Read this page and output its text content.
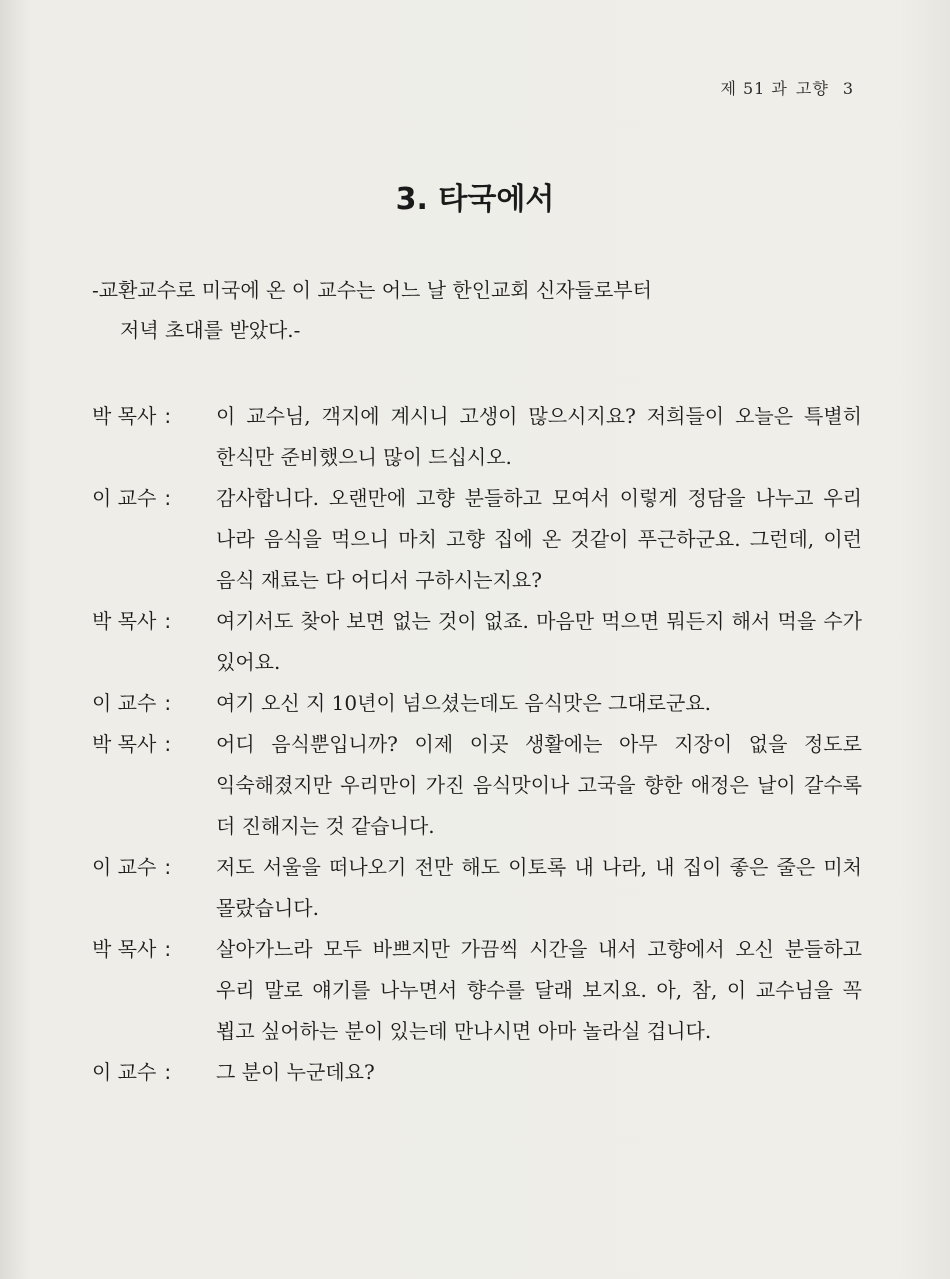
제 51 과 고향 3
3. 타국에서
-교환교수로 미국에 온 이 교수는 어느 날 한인교회 신자들로부터
저녁 초대를 받았다.-
박 목사 :	이 교수님, 객지에 계시니 고생이 많으시지요? 저희들이 오늘은 특별히 한식만 준비했으니 많이 드십시오.
이 교수 :	감사합니다. 오랜만에 고향 분들하고 모여서 이렇게 정담을 나누고 우리 나라 음식을 먹으니 마치 고향 집에 온 것같이 푸근하군요. 그런데, 이런 음식 재료는 다 어디서 구하시는지요?
박 목사 :	여기서도 찾아 보면 없는 것이 없죠. 마음만 먹으면 뭐든지 해서 먹을 수가 있어요.
이 교수 :	여기 오신 지 10년이 넘으셨는데도 음식맛은 그대로군요.
박 목사 :	어디 음식뿐입니까? 이제 이곳 생활에는 아무 지장이 없을 정도로 익숙해졌지만 우리만이 가진 음식맛이나 고국을 향한 애정은 날이 갈수록 더 진해지는 것 같습니다.
이 교수 :	저도 서울을 떠나오기 전만 해도 이토록 내 나라, 내 집이 좋은 줄은 미처 몰랐습니다.
박 목사 :	살아가느라 모두 바쁘지만 가끔씩 시간을 내서 고향에서 오신 분들하고 우리 말로 얘기를 나누면서 향수를 달래 보지요. 아, 참, 이 교수님을 꼭 뵙고 싶어하는 분이 있는데 만나시면 아마 놀라실 겁니다.
이 교수 :	그 분이 누군데요?
